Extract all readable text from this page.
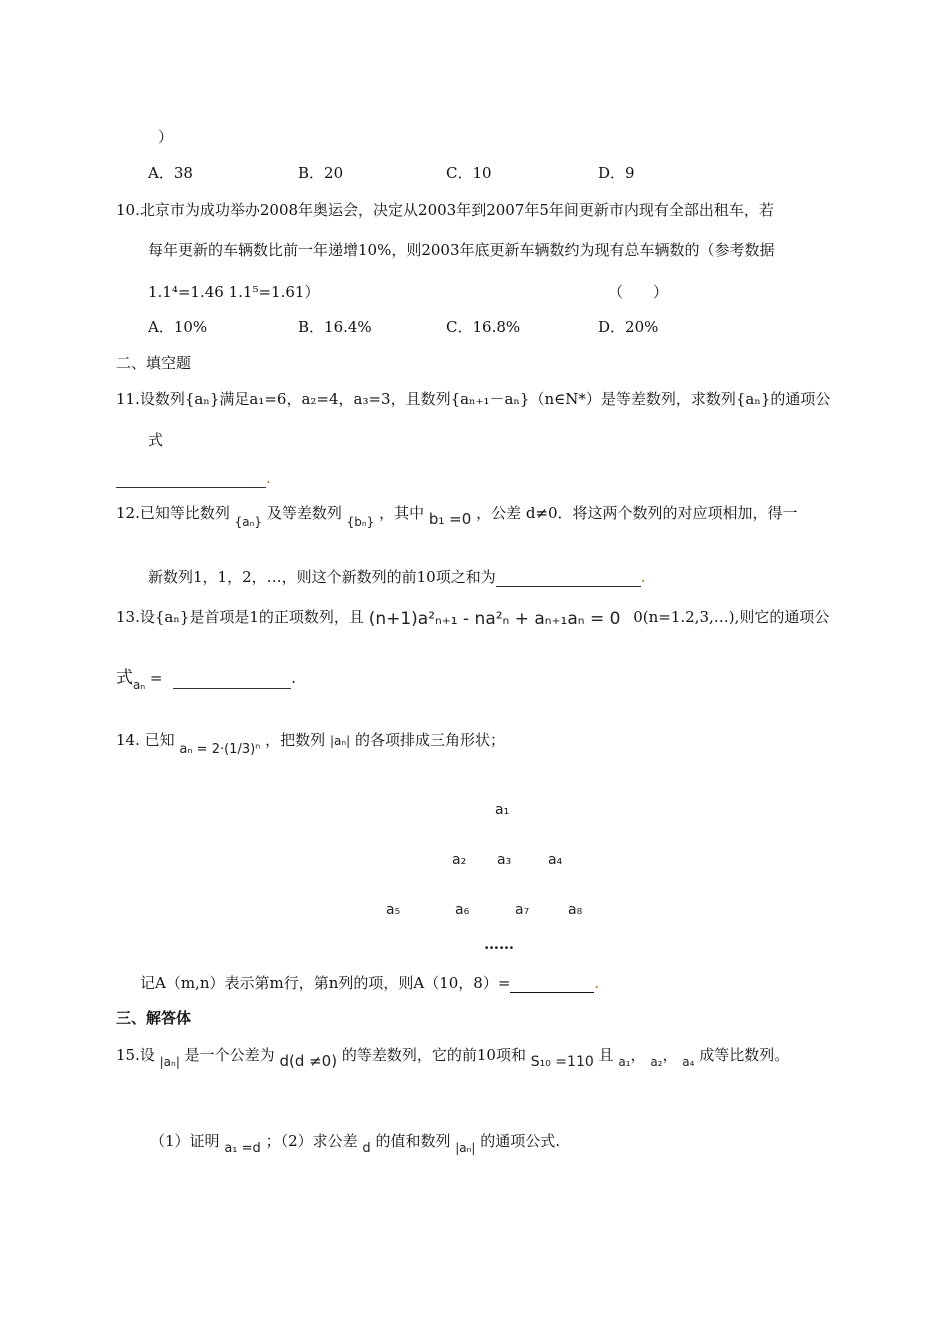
）
A．38	B．20	C．10	D．9
10.北京市为成功举办2008年奥运会，决定从2003年到2007年5年间更新市内现有全部出租车，若
每年更新的车辆数比前一年递增10%，则2003年底更新车辆数约为现有总车辆数的（参考数据
1.1⁴=1.46 1.1⁵=1.61）	（　　）
A．10%	B．16.4%	C．16.8%	D．20%
二、填空题
11.设数列{aₙ}满足a₁=6，a₂=4，a₃=3，且数列{aₙ₊₁－aₙ}（n∈N*）是等差数列，求数列{aₙ}的通项公
式
.
12.已知等比数列 $_{\{a_n\}}$ 及等差数列 $_{\{b_n\}}$ ，其中 b₁ =0 ，公差 d≠0．将这两个数列的对应项相加，得一
新数列1，1，2，…，则这个新数列的前10项之和为	.
13.设{aₙ}是首项是1的正项数列，且 (n+1)a²ₙ₊₁ - na²ₙ + aₙ₊₁aₙ = 0 0(n=1.2,3,…),则它的通项公
式$_{a_n}$ =	.
14. 已知 aₙ = 2·(1/3)ⁿ ，把数列 |aₙ| 的各项排成三角形状；
a₁
a₂ a₃	a₄
a₅	a₆	a₇	a₈
……
记A（m,n）表示第m行，第n列的项，则A（10，8）=	.
三、解答体
15.设 $_{|a_n|}$ 是一个公差为 d(d ≠0) 的等差数列，它的前10项和 S₁₀ =110 且 $_{a_1}$， $_{a_2}$， $_{a_4}$ 成等比数列。
（1）证明 a₁ =d ；（2）求公差 d 的值和数列 $_{|a_n|}$ 的通项公式.
